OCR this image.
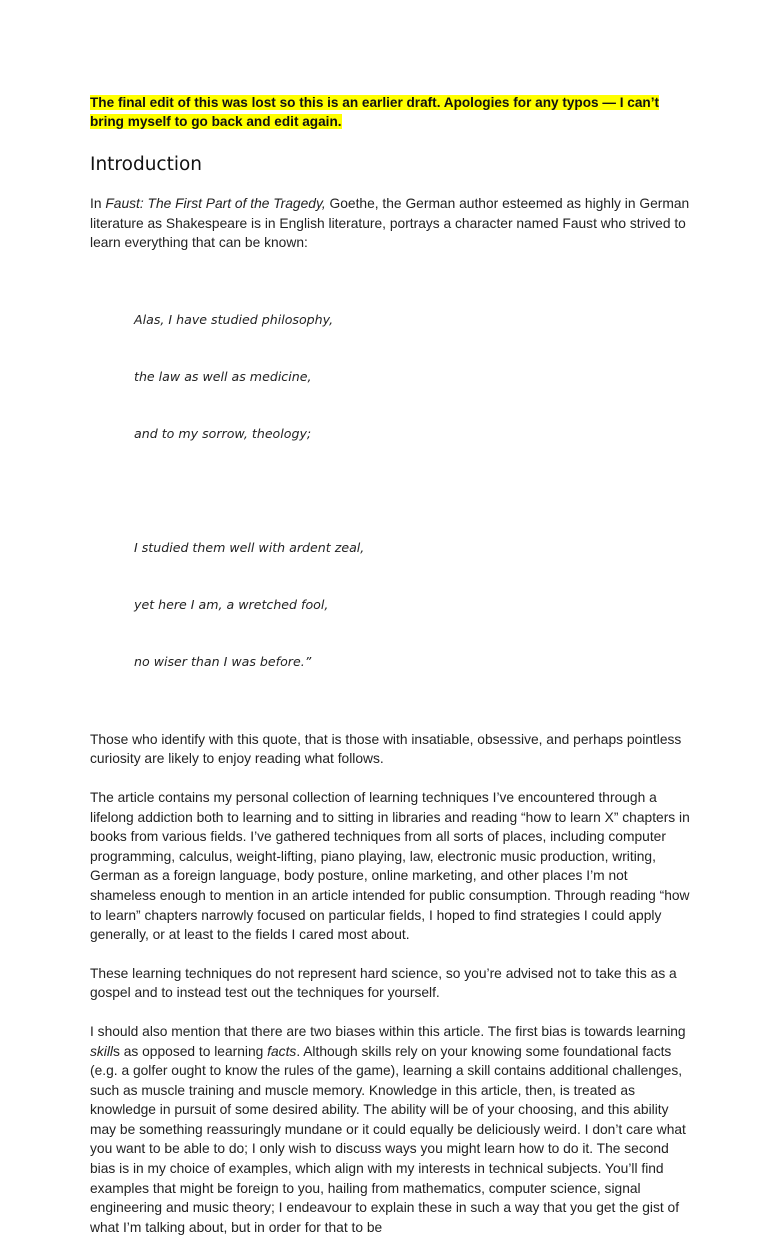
The final edit of this was lost so this is an earlier draft. Apologies for any typos — I can’t bring myself to go back and edit again.

Introduction

In Faust: The First Part of the Tragedy, Goethe, the German author esteemed as highly in German literature as Shakespeare is in English literature, portrays a character named Faust who strived to learn everything that can be known:

Alas, I have studied philosophy,

the law as well as medicine,

and to my sorrow, theology;

I studied them well with ardent zeal,

yet here I am, a wretched fool,

no wiser than I was before.”

Those who identify with this quote, that is those with insatiable, obsessive, and perhaps pointless curiosity are likely to enjoy reading what follows.

The article contains my personal collection of learning techniques I’ve encountered through a lifelong addiction both to learning and to sitting in libraries and reading “how to learn X” chapters in books from various fields. I’ve gathered techniques from all sorts of places, including computer programming, calculus, weight-lifting, piano playing, law, electronic music production, writing, German as a foreign language, body posture, online marketing, and other places I’m not shameless enough to mention in an article intended for public consumption. Through reading “how to learn” chapters narrowly focused on particular fields, I hoped to find strategies I could apply generally, or at least to the fields I cared most about.

These learning techniques do not represent hard science, so you’re advised not to take this as a gospel and to instead test out the techniques for yourself.

I should also mention that there are two biases within this article. The first bias is towards learning skills as opposed to learning facts. Although skills rely on your knowing some foundational facts (e.g. a golfer ought to know the rules of the game), learning a skill contains additional challenges, such as muscle training and muscle memory. Knowledge in this article, then, is treated as knowledge in pursuit of some desired ability. The ability will be of your choosing, and this ability may be something reassuringly mundane or it could equally be deliciously weird. I don’t care what you want to be able to do; I only wish to discuss ways you might learn how to do it. The second bias is in my choice of examples, which align with my interests in technical subjects. You’ll find examples that might be foreign to you, hailing from mathematics, computer science, signal engineering and music theory; I endeavour to explain these in such a way that you get the gist of what I’m talking about, but in order for that to be
